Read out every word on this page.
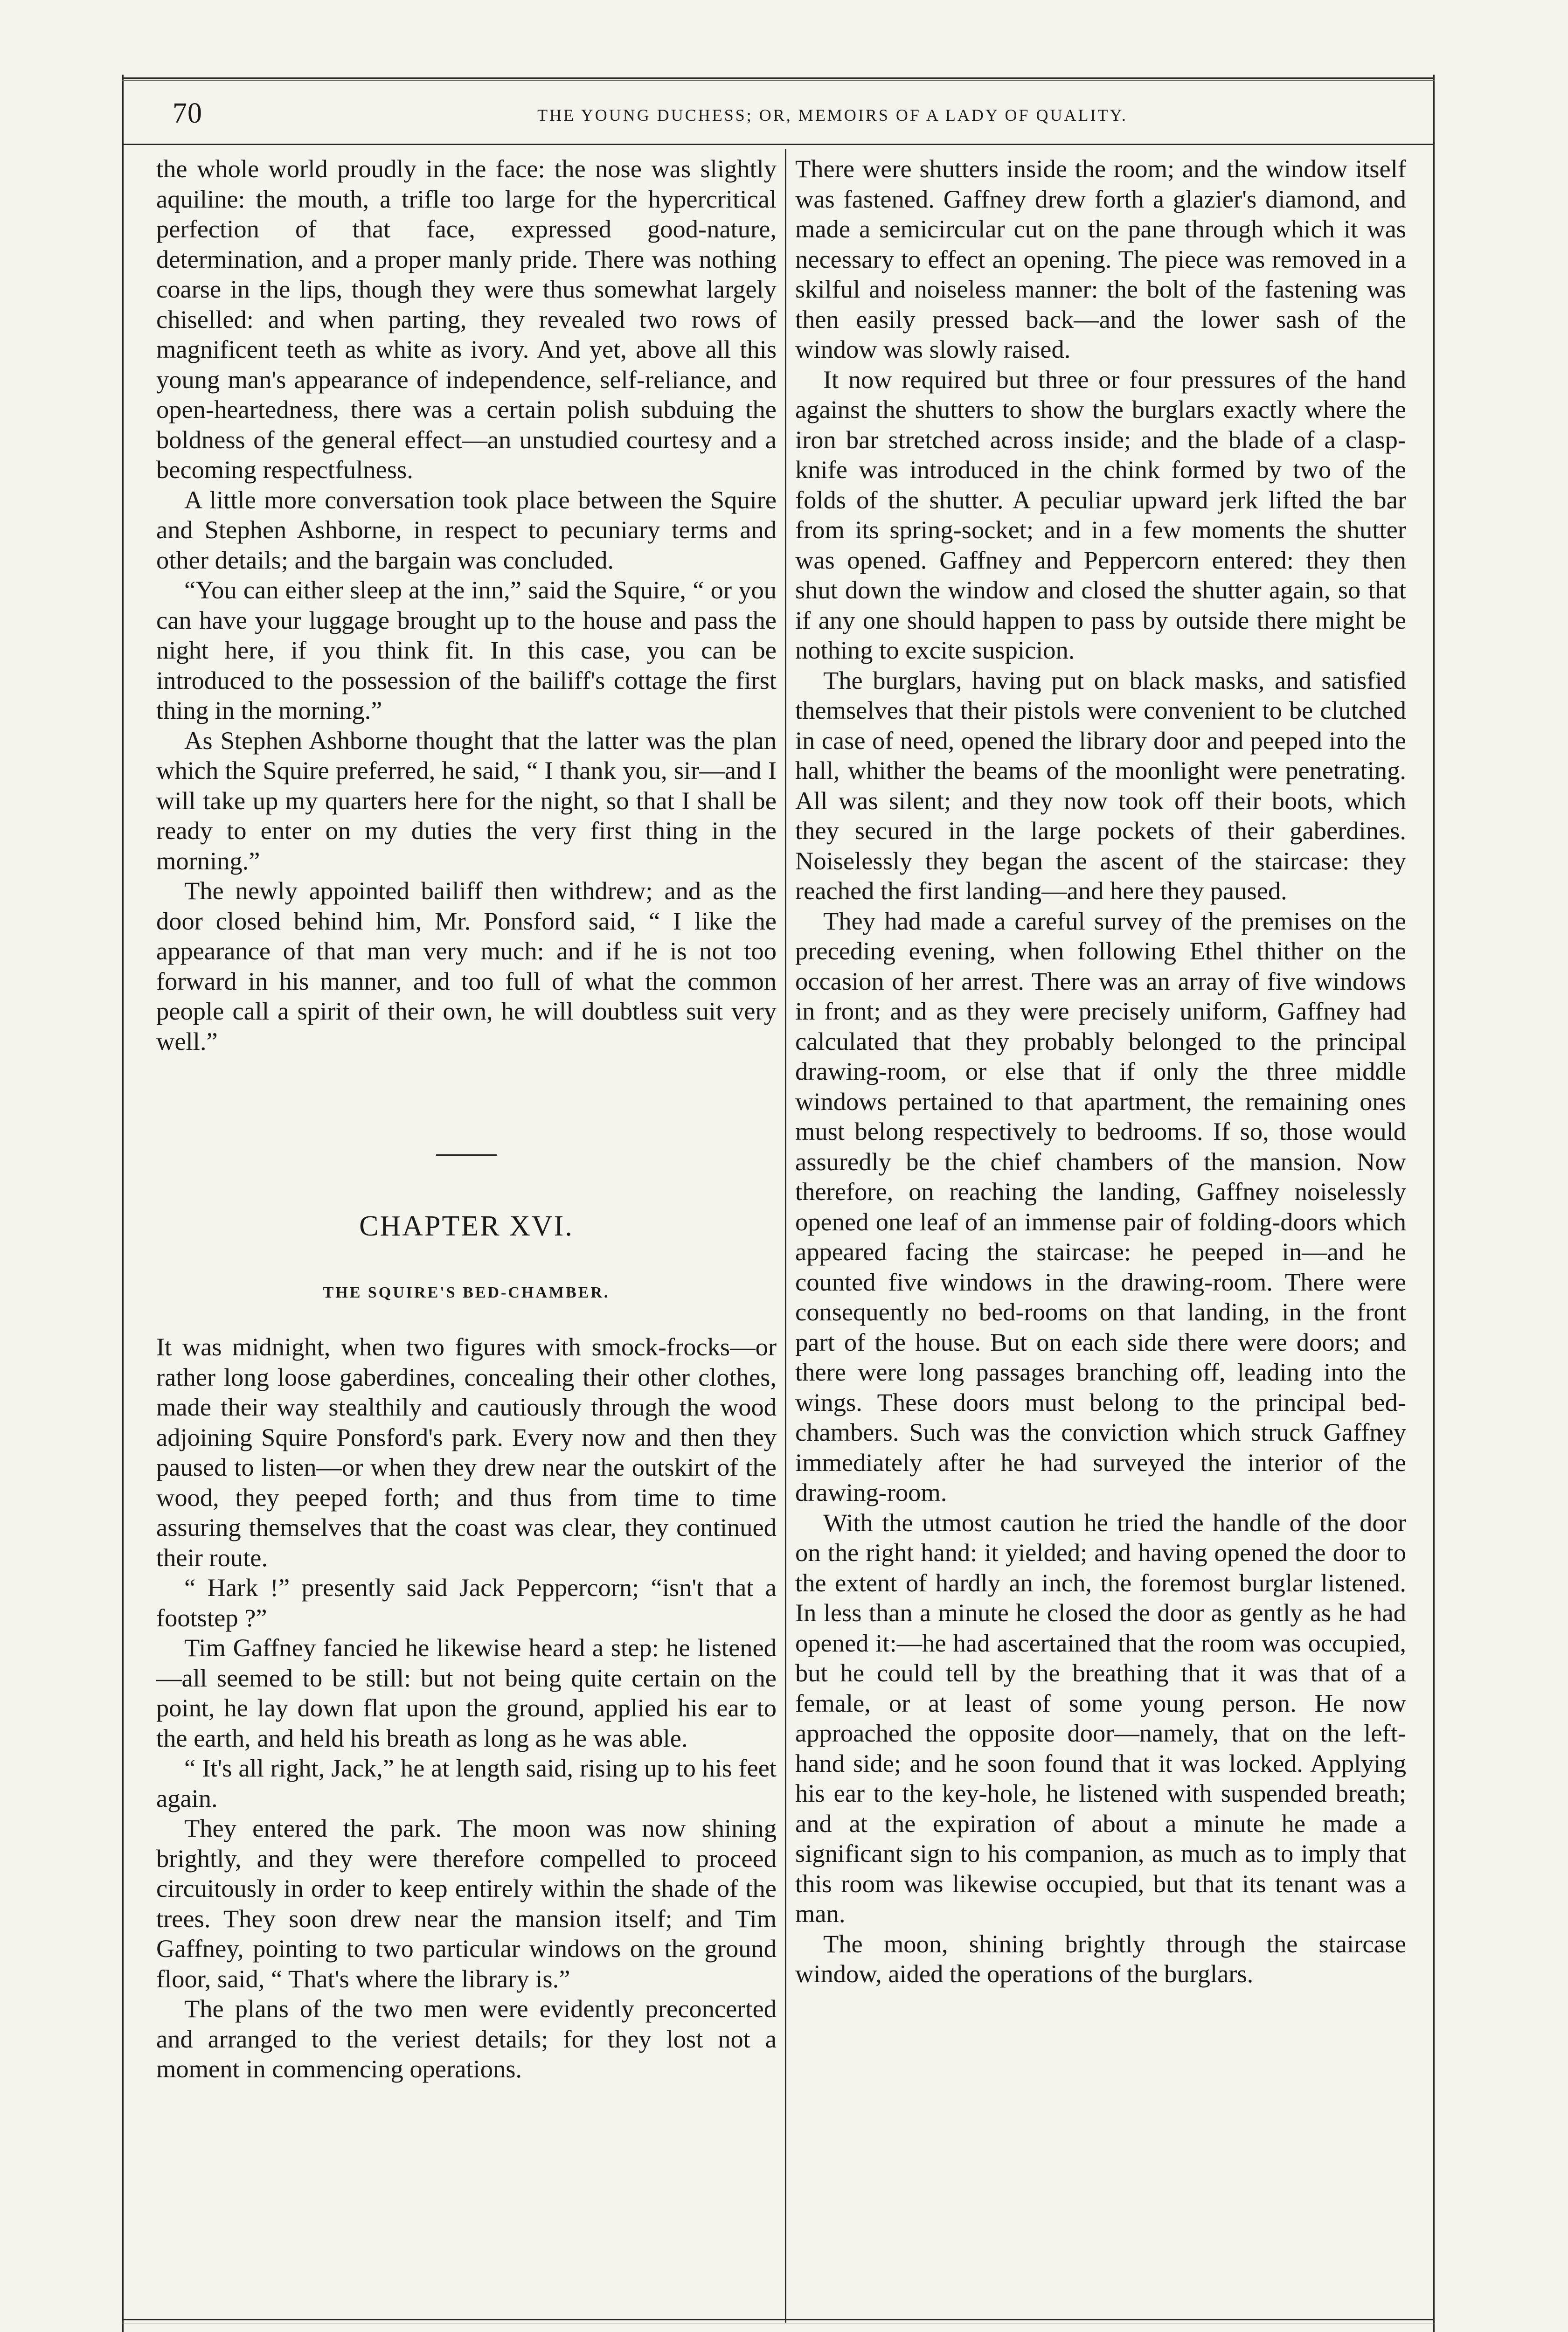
70	THE YOUNG DUCHESS; OR, MEMOIRS OF A LADY OF QUALITY.

the whole world proudly in the face: the nose was slightly aquiline: the mouth, a trifle too large for the hypercritical perfection of that face, expressed good-nature, determination, and a proper manly pride. There was nothing coarse in the lips, though they were thus somewhat largely chiselled: and when parting, they revealed two rows of magnificent teeth as white as ivory. And yet, above all this young man's appearance of independence, self-reliance, and open-heartedness, there was a certain polish subduing the boldness of the general effect—an unstudied courtesy and a becoming respectfulness.

A little more conversation took place between the Squire and Stephen Ashborne, in respect to pecuniary terms and other details; and the bargain was concluded.

“You can either sleep at the inn,” said the Squire, “ or you can have your luggage brought up to the house and pass the night here, if you think fit. In this case, you can be introduced to the possession of the bailiff's cottage the first thing in the morning.”

As Stephen Ashborne thought that the latter was the plan which the Squire preferred, he said, “ I thank you, sir—and I will take up my quarters here for the night, so that I shall be ready to enter on my duties the very first thing in the morning.”

The newly appointed bailiff then withdrew; and as the door closed behind him, Mr. Ponsford said, “ I like the appearance of that man very much: and if he is not too forward in his manner, and too full of what the common people call a spirit of their own, he will doubtless suit very well.”

CHAPTER XVI.
THE SQUIRE'S BED-CHAMBER.

It was midnight, when two figures with smock-frocks—or rather long loose gaberdines, concealing their other clothes, made their way stealthily and cautiously through the wood adjoining Squire Ponsford's park. Every now and then they paused to listen—or when they drew near the outskirt of the wood, they peeped forth; and thus from time to time assuring themselves that the coast was clear, they continued their route.

“ Hark !” presently said Jack Peppercorn; “isn't that a footstep ?”

Tim Gaffney fancied he likewise heard a step: he listened—all seemed to be still: but not being quite certain on the point, he lay down flat upon the ground, applied his ear to the earth, and held his breath as long as he was able.

“ It's all right, Jack,” he at length said, rising up to his feet again.

They entered the park. The moon was now shining brightly, and they were therefore compelled to proceed circuitously in order to keep entirely within the shade of the trees. They soon drew near the mansion itself; and Tim Gaffney, pointing to two particular windows on the ground floor, said, “ That's where the library is.”

The plans of the two men were evidently preconcerted and arranged to the veriest details; for they lost not a moment in commencing operations.

There were shutters inside the room; and the window itself was fastened. Gaffney drew forth a glazier's diamond, and made a semicircular cut on the pane through which it was necessary to effect an opening. The piece was removed in a skilful and noiseless manner: the bolt of the fastening was then easily pressed back—and the lower sash of the window was slowly raised.

It now required but three or four pressures of the hand against the shutters to show the burglars exactly where the iron bar stretched across inside; and the blade of a clasp-knife was introduced in the chink formed by two of the folds of the shutter. A peculiar upward jerk lifted the bar from its spring-socket; and in a few moments the shutter was opened. Gaffney and Peppercorn entered: they then shut down the window and closed the shutter again, so that if any one should happen to pass by outside there might be nothing to excite suspicion.

The burglars, having put on black masks, and satisfied themselves that their pistols were convenient to be clutched in case of need, opened the library door and peeped into the hall, whither the beams of the moonlight were penetrating. All was silent; and they now took off their boots, which they secured in the large pockets of their gaberdines. Noiselessly they began the ascent of the staircase: they reached the first landing—and here they paused.

They had made a careful survey of the premises on the preceding evening, when following Ethel thither on the occasion of her arrest. There was an array of five windows in front; and as they were precisely uniform, Gaffney had calculated that they probably belonged to the principal drawing-room, or else that if only the three middle windows pertained to that apartment, the remaining ones must belong respectively to bedrooms. If so, those would assuredly be the chief chambers of the mansion. Now therefore, on reaching the landing, Gaffney noiselessly opened one leaf of an immense pair of folding-doors which appeared facing the staircase: he peeped in—and he counted five windows in the drawing-room. There were consequently no bed-rooms on that landing, in the front part of the house. But on each side there were doors; and there were long passages branching off, leading into the wings. These doors must belong to the principal bed-chambers. Such was the conviction which struck Gaffney immediately after he had surveyed the interior of the drawing-room.

With the utmost caution he tried the handle of the door on the right hand: it yielded; and having opened the door to the extent of hardly an inch, the foremost burglar listened. In less than a minute he closed the door as gently as he had opened it:—he had ascertained that the room was occupied, but he could tell by the breathing that it was that of a female, or at least of some young person. He now approached the opposite door—namely, that on the left-hand side; and he soon found that it was locked. Applying his ear to the key-hole, he listened with suspended breath; and at the expiration of about a minute he made a significant sign to his companion, as much as to imply that this room was likewise occupied, but that its tenant was a man.

The moon, shining brightly through the staircase window, aided the operations of the burglars.
